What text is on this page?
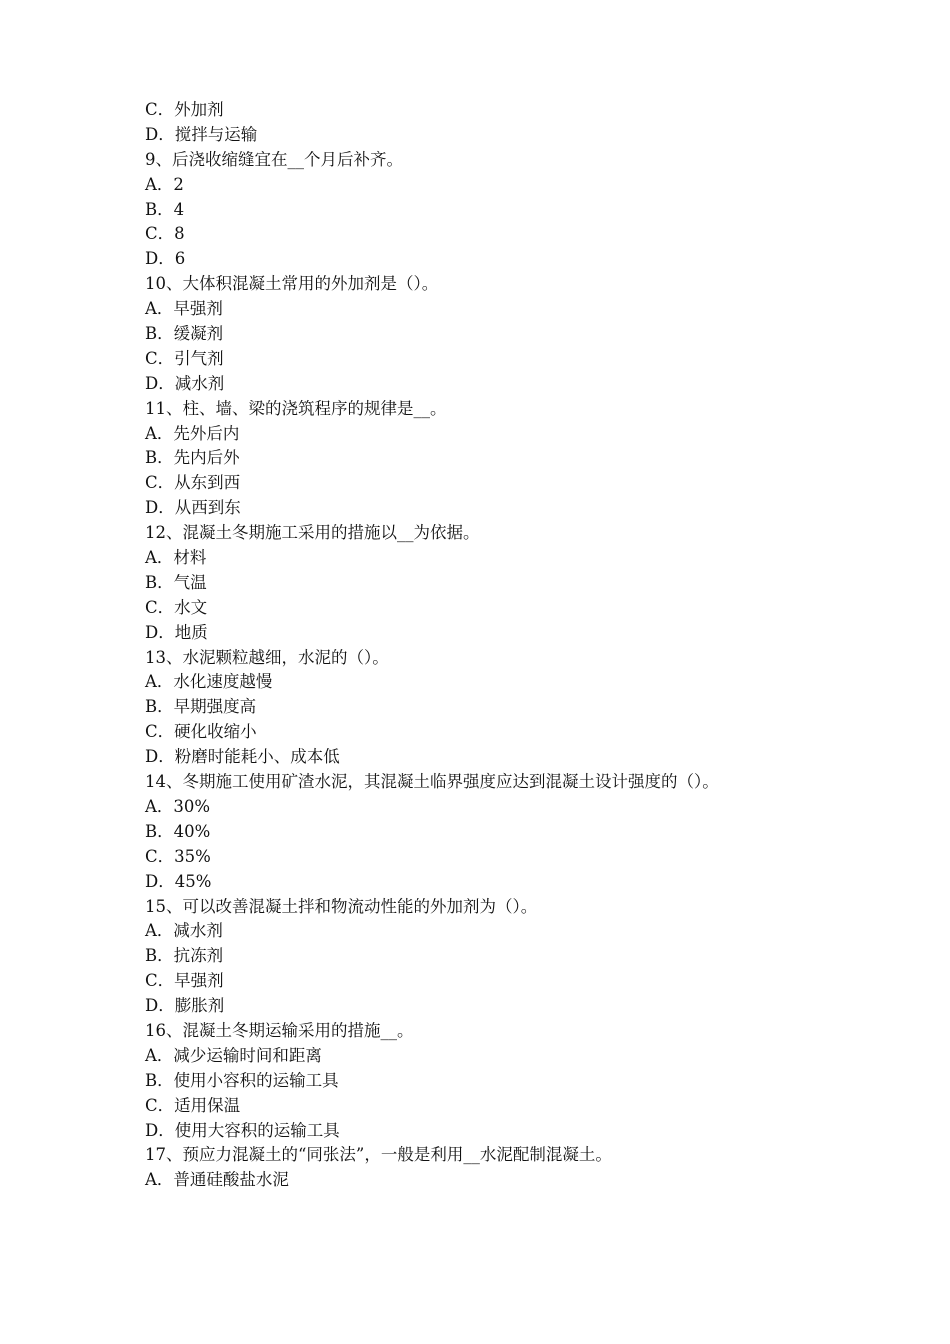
C．外加剂
D．搅拌与运输
9、后浇收缩缝宜在__个月后补齐。
A．2
B．4
C．8
D．6
10、大体积混凝土常用的外加剂是（）。
A．早强剂
B．缓凝剂
C．引气剂
D．减水剂
11、柱、墙、梁的浇筑程序的规律是__。
A．先外后内
B．先内后外
C．从东到西
D．从西到东
12、混凝土冬期施工采用的措施以__为依据。
A．材料
B．气温
C．水文
D．地质
13、水泥颗粒越细，水泥的（）。
A．水化速度越慢
B．早期强度高
C．硬化收缩小
D．粉磨时能耗小、成本低
14、冬期施工使用矿渣水泥，其混凝土临界强度应达到混凝土设计强度的（）。
A．30%
B．40%
C．35%
D．45%
15、可以改善混凝土拌和物流动性能的外加剂为（）。
A．减水剂
B．抗冻剂
C．早强剂
D．膨胀剂
16、混凝土冬期运输采用的措施__。
A．减少运输时间和距离
B．使用小容积的运输工具
C．适用保温
D．使用大容积的运输工具
17、预应力混凝土的“同张法”，一般是利用__水泥配制混凝土。
A．普通硅酸盐水泥
